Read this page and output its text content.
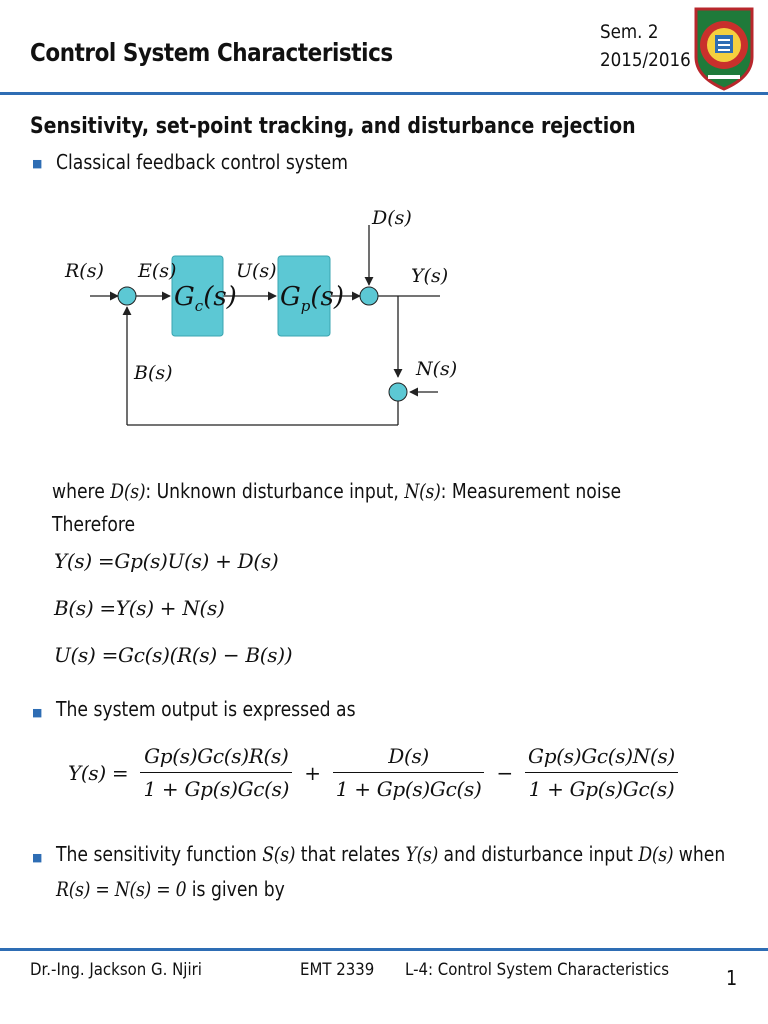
Control System Characteristics
Sem. 2
2015/2016
Sensitivity, set-point tracking, and disturbance rejection
■ Classical feedback control system
R(s) E(s)	U(s)
D(s)
Y(s)
B(s)	N(s)
$G_c(s)$ $G_p(s)$
where D(s): Unknown disturbance input, N(s): Measurement noise
Therefore
Y(s) =Gp(s)U(s) + D(s)
B(s) =Y(s) + N(s)
U(s) =Gc(s)(R(s) − B(s))
■ The system output is expressed as
$Y(s) = \frac{Gp(s)Gc(s)R(s)}{1 + Gp(s)Gc(s)} + \frac{D(s)}{1 + Gp(s)Gc(s)} - \frac{Gp(s)Gc(s)N(s)}{1 + Gp(s)Gc(s)}$
■ The sensitivity function S(s) that relates Y(s) and disturbance input D(s) when
R(s) = N(s) = 0 is given by
Dr.-Ing. Jackson G. Njiri	EMT 2339 L-4: Control System Characteristics	1
